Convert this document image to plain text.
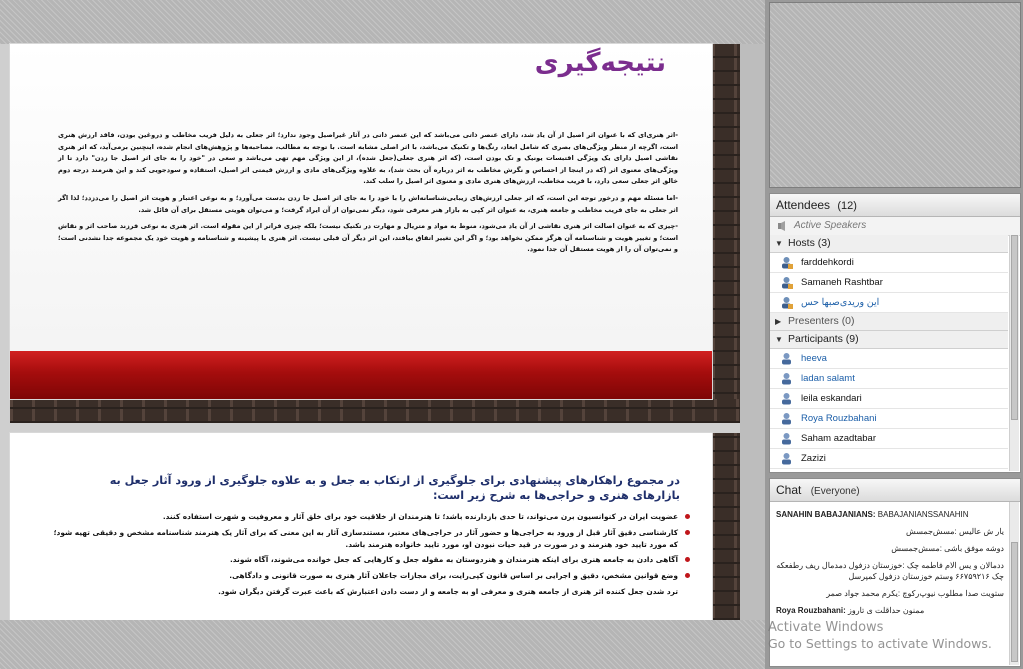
نتیجه‌گیری

-اثر هنری‌ای که با عنوان اثر اصیل از آن یاد شد، دارای عنصر ذاتی می‌باشد که این عنصر ذاتی در آثار غیراصیل وجود ندارد؛ اثر جعلی به دلیل فریب مخاطب و دروغین بودن، فاقد ارزش هنری است، اگرچه از منظر ویژگی‌های بصری که شامل ابعاد، رنگ‌ها و تکنیک می‌باشد، با اثر اصلی مشابه است. با توجه به مطالب، مصاحبه‌ها و پژوهش‌های انجام شده، اینچنین برمی‌آید، که اثر هنری نقاشی اصیل دارای یک ویژگی اقتبسات یونیک و تک بودن است، (که اثر هنری جعلی(جعل شده)، از این ویژگی مهم تهی می‌باشد و سعی در "خود را به جای اثر اصیل جا زدن" دارد تا از ویژگی‌های معنوی اثر (که در اینجا از احساس و نگرش مخاطب به اثر درباره آن بحث شد)، به علاوه ویژگی‌های مادی و ارزش قیمتی اثر اصیل، استفاده و سودجویی کند و این هنرمند درجه دوم خالق اثر جعلی سعی دارد، با فریب مخاطب، ارزش‌های هنری مادی و معنوی اثر اصیل را سلب کند.

-اما مسئله مهم و درخور توجه این است، که اثر جعلی ارزش‌های زیبایی‌شناسانه‌اش را با خود را به جای اثر اصیل جا زدن بدست می‌آورد؛ و به نوعی اعتبار و هویت اثر اصیل را می‌دزدد؛ لذا اگر اثر جعلی به جای فریب مخاطب و جامعه هنری، به عنوان اثر کپی به بازار هنر معرفی شود، دیگر نمی‌توان از آن ایراد گرفت؛ و می‌توان هویتی مستقل برای آن قائل شد.

-چیزی که به عنوان اصالت اثر هنری نقاشی از آن یاد می‌شود، منوط به مواد و متریال و مهارت در تکنیک نیست؛ بلکه چیزی فراتر از این مقوله است. اثر هنری به نوعی فرزند صاحب اثر و نقاش است؛ و تغییر هویت و شناسنامه آن هرگز ممکن نخواهد بود؛ و اگر این تغییر اتفاق بیافتد، این اثر دیگر آن قبلی نیست. اثر هنری با پیشینه و شناسنامه و هویت خود یک مجموعه جدا نشدنی است؛ و نمی‌توان آن را از هویت مستقل آن جدا نمود.

در مجموع راهکارهای پیشنهادی برای جلوگیری از ارتکاب به جعل و به علاوه جلوگیری از ورود آثار جعل به بازارهای هنری و حراجی‌ها به شرح زیر است:
عضویت ایران در کنوانسیون برن می‌تواند، تا حدی بازدارنده باشد؛ تا هنرمندان از خلاقیت خود برای خلق آثار و معروفیت و شهرت استفاده کنند.
کارشناسی دقیق آثار قبل از ورود به حراجی‌ها و حضور آثار در حراجی‌های معتبر، مستندسازی آثار به این معنی که برای آثار یک هنرمند شناسنامه مشخص و دقیقی تهیه شود؛ که مورد تایید خود هنرمند و در صورت در قید حیات نبودن او، مورد تایید خانواده هنرمند باشد.
آگاهی دادن به جامعه هنری برای اینکه هنرمندان و هنردوستان به مقوله جعل و کارهایی که جعل خوانده می‌شوند، آگاه شوند.
وضع قوانین مشخص، دقیق و اجرایی بر اساس قانون کپی‌رایت، برای مجازات جاعلان آثار هنری به صورت قانونی و دادگاهی.
ترد شدن جعل کننده اثر هنری از جامعه هنری و معرفی او به جامعه و از دست دادن اعتبارش که باعث عبرت گرفتن دیگران شود.
Attendees (12)
Active Speakers
▼ Hosts (3)
farddehkordi
Samaneh Rashtbar
این وریدی‌صبها حس
▶ Presenters (0)
▼ Participants (9)
heeva
ladan salamt
leila eskandari
Roya Rouzbahani
Saham azadtabar
Zazizi
Chat (Everyone)

SANAHIN BABAJANIANS: BABAJANIANSSANAHIN

یار ش عالیس :مسش‌جمسش

دوشه موفق باشی :مسش‌جمسش

ددمالان و یس الام فاطمه چک :خوزستان دزفول دمدمال ریف رطفعکه چک ۶۶۷۵۹۲۱۶ وستم خوزستان دزفول کمپرسل

ستویت صدا مطلوب نیوپ‌رکوچ :یکرم محمد جواد صمر

Roya Rouzbahani: ممنون حداقلت ی تاروز

Activate Windows
Go to Settings to activate Windows.
